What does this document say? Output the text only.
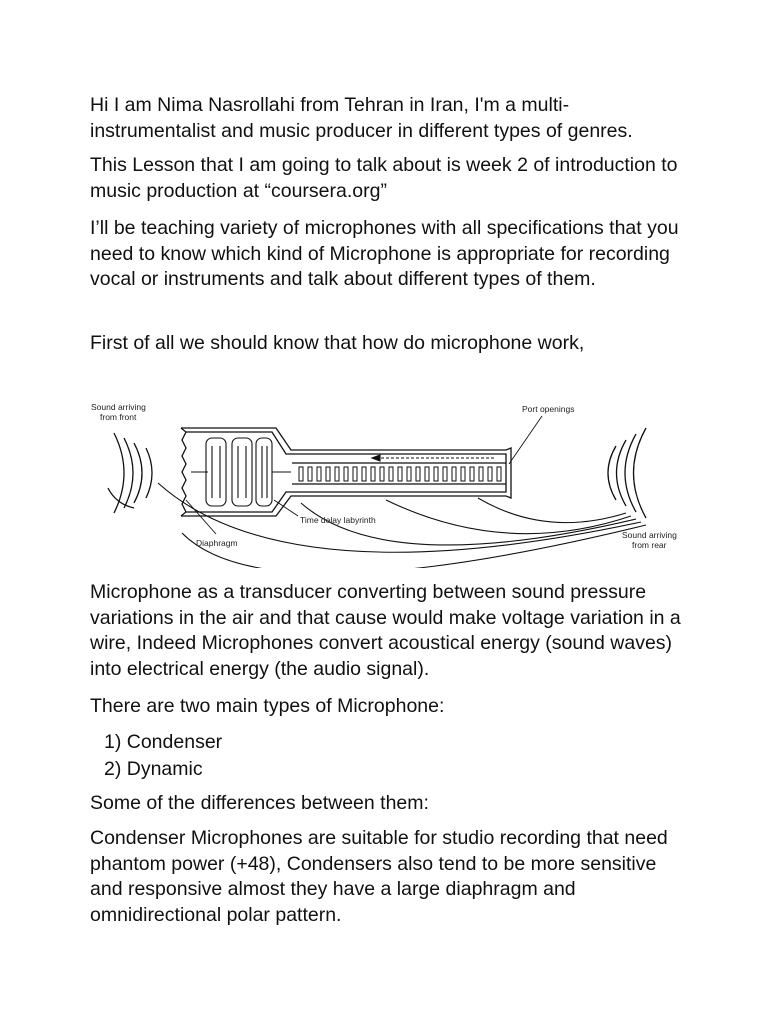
Hi I am Nima Nasrollahi from Tehran in Iran, I'm a multi-instrumentalist and music producer in different types of genres.

This Lesson that I am going to talk about is week 2 of introduction to music production at “coursera.org”

I’ll be teaching variety of microphones with all specifications that you need to know which kind of Microphone is appropriate for recording vocal or instruments and talk about different types of them.

First of all we should know that how do microphone work,

Sound arriving
from front
Port openings
Time delay labyrinth
Diaphragm
Sound arriving
from rear

Microphone as a transducer converting between sound pressure variations in the air and that cause would make voltage variation in a wire, Indeed Microphones convert acoustical energy (sound waves) into electrical energy (the audio signal).

There are two main types of Microphone:

1) Condenser
2) Dynamic

Some of the differences between them:

Condenser Microphones are suitable for studio recording that need phantom power (+48), Condensers also tend to be more sensitive and responsive almost they have a large diaphragm and omnidirectional polar pattern.
